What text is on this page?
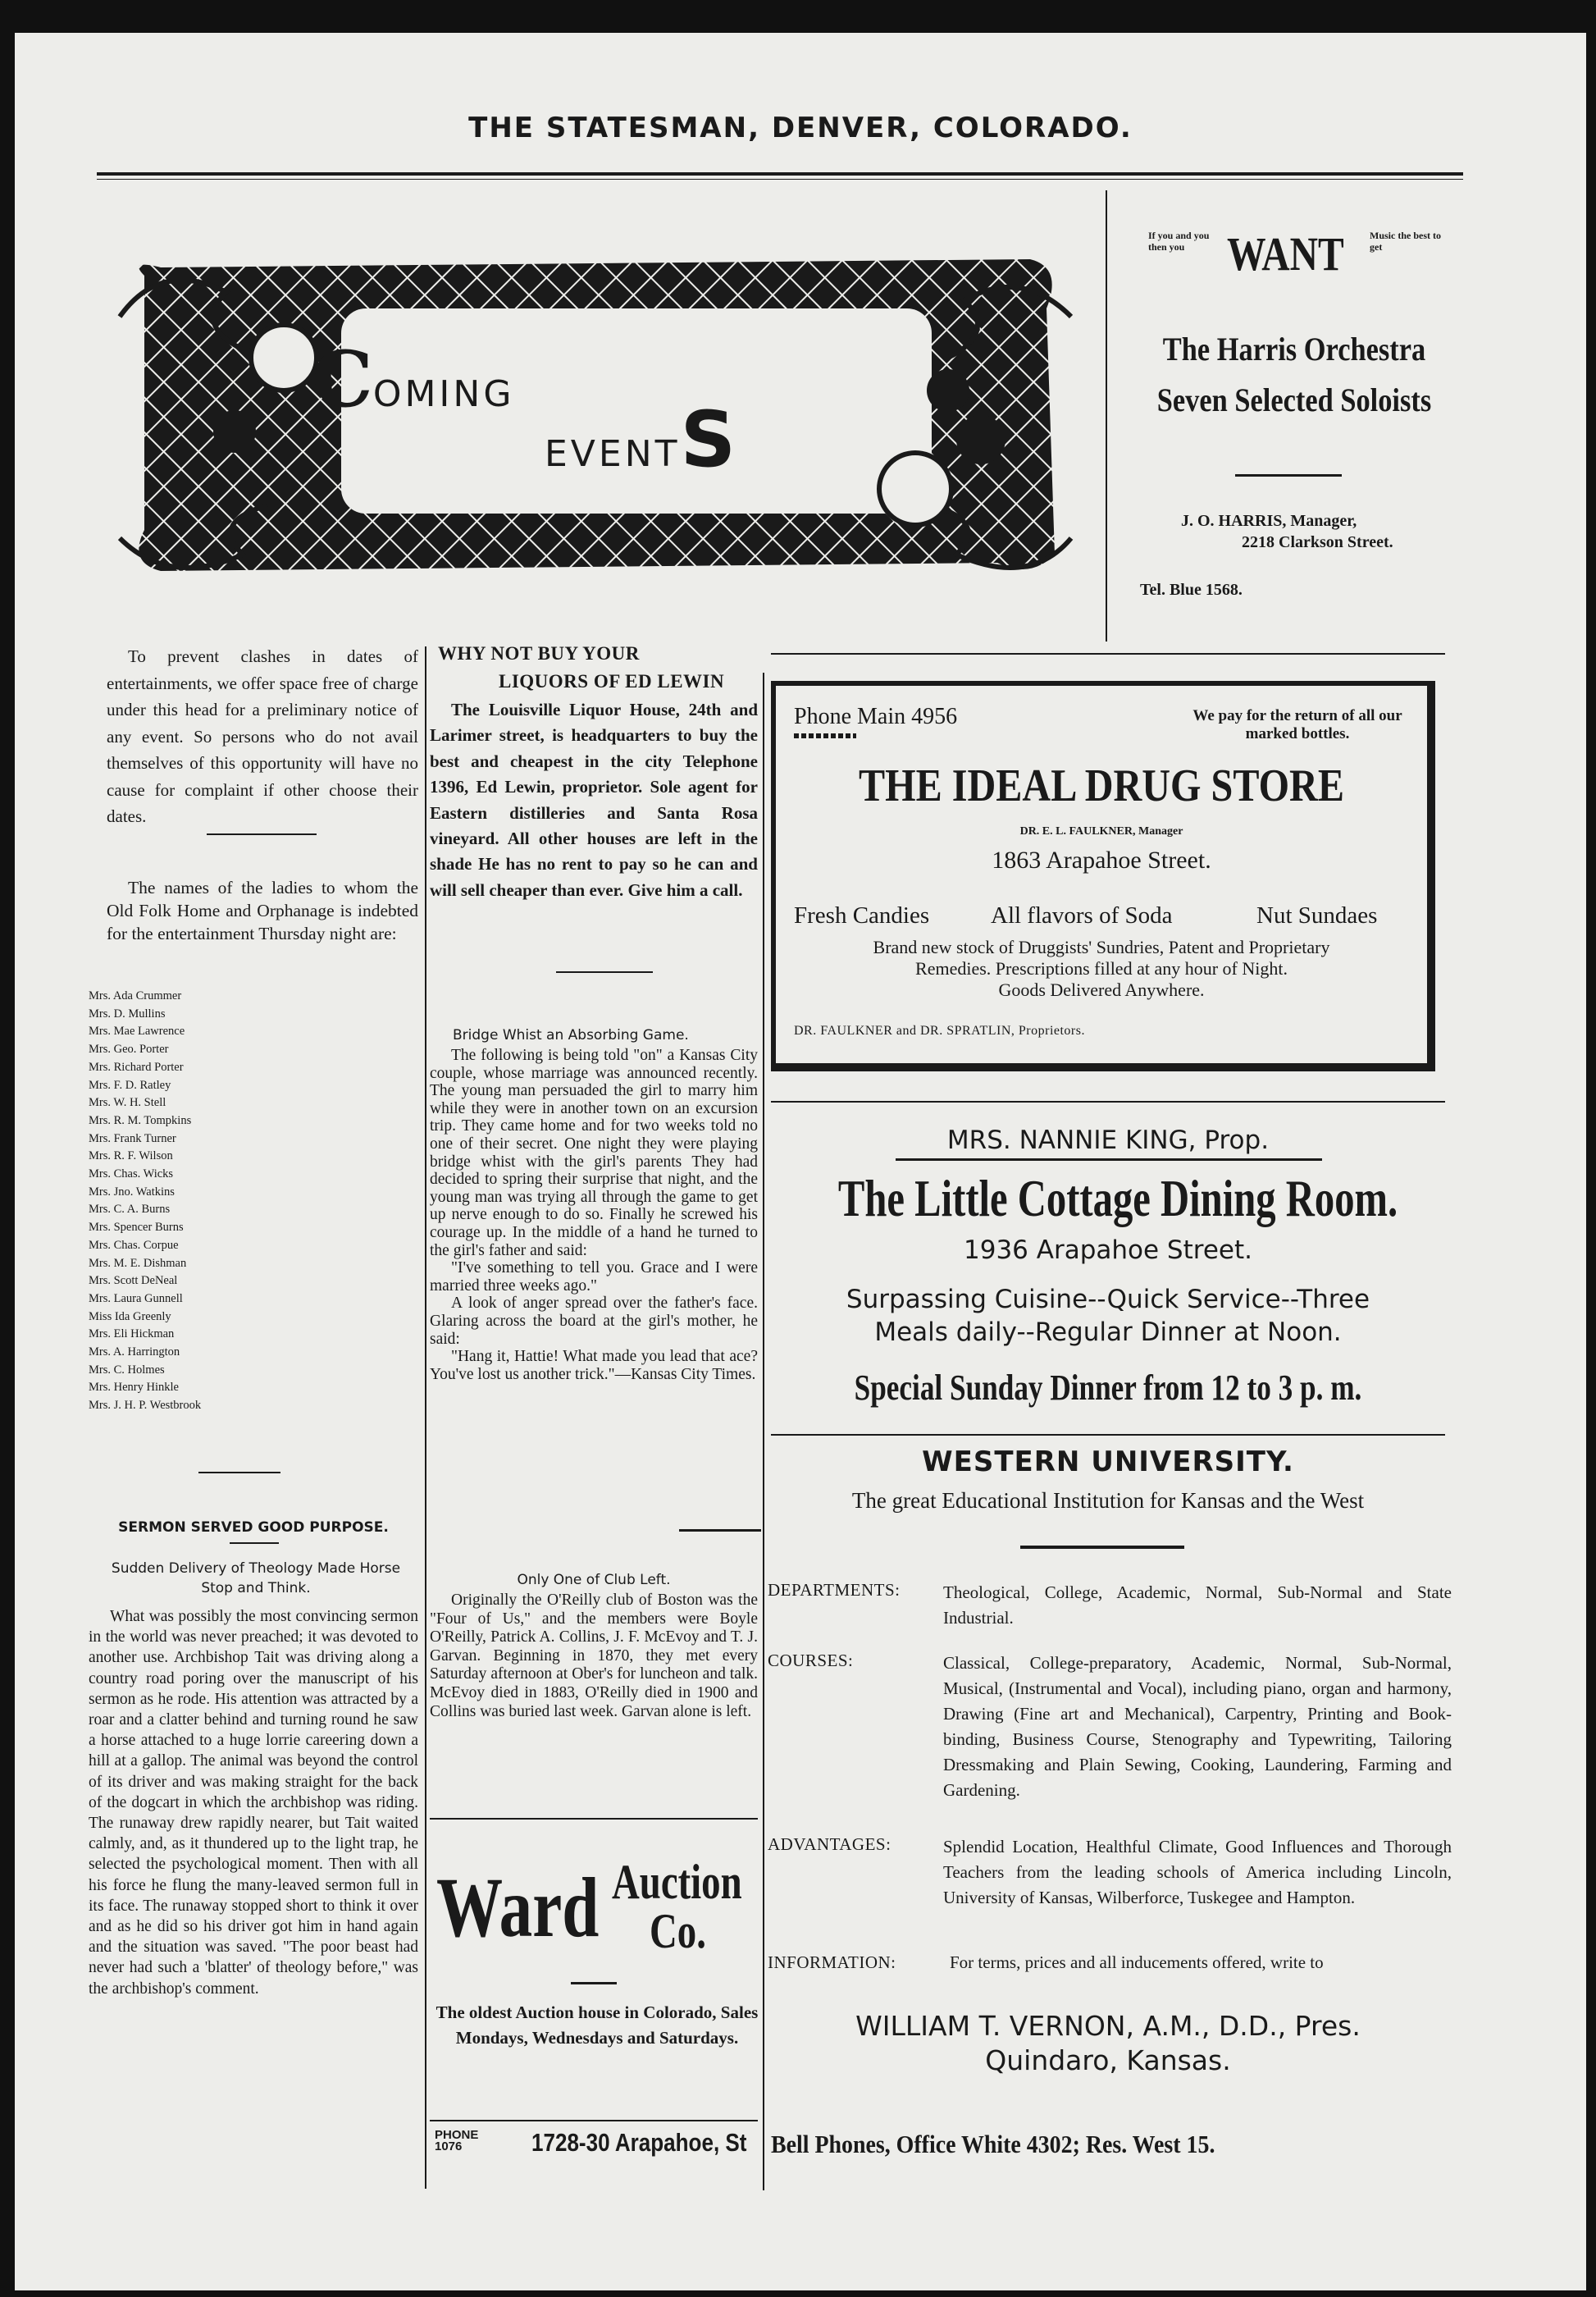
THE STATESMAN, DENVER, COLORADO.
COMING
EVENTS
If you and you then you WANT	Music the best to get
The Harris Orchestra
Seven Selected Soloists
J. O. HARRIS, Manager,
2218 Clarkson Street.
Tel. Blue 1568.

To prevent clashes in dates of entertainments, we offer space free of charge under this head for a preliminary notice of any event. So persons who do not avail themselves of this opportunity will have no cause for complaint if other choose their dates.

The names of the ladies to whom the Old Folk Home and Orphanage is indebted for the entertainment Thursday night are:

Mrs. Ada Crummer
Mrs. D. Mullins
Mrs. Mae Lawrence
Mrs. Geo. Porter
Mrs. Richard Porter
Mrs. F. D. Ratley
Mrs. W. H. Stell
Mrs. R. M. Tompkins
Mrs. Frank Turner
Mrs. R. F. Wilson
Mrs. Chas. Wicks
Mrs. Jno. Watkins
Mrs. C. A. Burns
Mrs. Spencer Burns
Mrs. Chas. Corpue
Mrs. M. E. Dishman
Mrs. Scott DeNeal
Mrs. Laura Gunnell
Miss Ida Greenly
Mrs. Eli Hickman
Mrs. A. Harrington
Mrs. C. Holmes
Mrs. Henry Hinkle
Mrs. J. H. P. Westbrook
SERMON SERVED GOOD PURPOSE.
Sudden Delivery of Theology Made Horse Stop and Think.

What was possibly the most convincing sermon in the world was never preached; it was devoted to another use. Archbishop Tait was driving along a country road poring over the manuscript of his sermon as he rode. His attention was attracted by a roar and a clatter behind and turning round he saw a horse attached to a huge lorrie careering down a hill at a gallop. The animal was beyond the control of its driver and was making straight for the back of the dogcart in which the archbishop was riding. The runaway drew rapidly nearer, but Tait waited calmly, and, as it thundered up to the light trap, he selected the psychological moment. Then with all his force he flung the many-leaved sermon full in its face. The runaway stopped short to think it over and as he did so his driver got him in hand again and the situation was saved. "The poor beast had never had such a 'blatter' of theology before," was the archbishop's comment.

WHY NOT BUY YOUR
LIQUORS OF ED LEWIN

The Louisville Liquor House, 24th and Larimer street, is headquarters to buy the best and cheapest in the city Telephone 1396, Ed Lewin, proprietor. Sole agent for Eastern distilleries and Santa Rosa vineyard. All other houses are left in the shade He has no rent to pay so he can and will sell cheaper than ever. Give him a call.

Bridge Whist an Absorbing Game.

The following is being told "on" a Kansas City couple, whose marriage was announced recently. The young man persuaded the girl to marry him while they were in another town on an excursion trip. They came home and for two weeks told no one of their secret. One night they were playing bridge whist with the girl's parents They had decided to spring their surprise that night, and the young man was trying all through the game to get up nerve enough to do so. Finally he screwed his courage up. In the middle of a hand he turned to the girl's father and said:

"I've something to tell you. Grace and I were married three weeks ago."

A look of anger spread over the father's face. Glaring across the board at the girl's mother, he said:

"Hang it, Hattie! What made you lead that ace? You've lost us another trick."—Kansas City Times.

Only One of Club Left.

Originally the O'Reilly club of Boston was the "Four of Us," and the members were Boyle O'Reilly, Patrick A. Collins, J. F. McEvoy and T. J. Garvan. Beginning in 1870, they met every Saturday afternoon at Ober's for luncheon and talk. McEvoy died in 1883, O'Reilly died in 1900 and Collins was buried last week. Garvan alone is left.

Ward Auction
Co.
The oldest Auction house in Colorado, Sales Mondays, Wednesdays and Saturdays.
PHONE
1076	1728-30 Arapahoe, St
Phone Main 4956	We pay for the return of all our marked bottles.
THE IDEAL DRUG STORE
DR. E. L. FAULKNER, Manager
1863 Arapahoe Street.
Fresh Candies	All flavors of Soda	Nut Sundaes
Brand new stock of Druggists' Sundries, Patent and Proprietary
Remedies. Prescriptions filled at any hour of Night.
Goods Delivered Anywhere.
DR. FAULKNER and DR. SPRATLIN, Proprietors.
MRS. NANNIE KING, Prop.
The Little Cottage Dining Room.
1936 Arapahoe Street.
Surpassing Cuisine--Quick Service--Three
Meals daily--Regular Dinner at Noon.
Special Sunday Dinner from 12 to 3 p. m.
WESTERN UNIVERSITY.
The great Educational Institution for Kansas and the West
DEPARTMENTS:	Theological, College, Academic, Normal, Sub-Normal and State Industrial.
COURSES:	Classical, College-preparatory, Academic, Normal, Sub-Normal, Musical, (Instrumental and Vocal), including piano, organ and harmony, Drawing (Fine art and Mechanical), Carpentry, Printing and Book-binding, Business Course, Stenography and Typewriting, Tailoring Dressmaking and Plain Sewing, Cooking, Laundering, Farming and Gardening.
ADVANTAGES:	Splendid Location, Healthful Climate, Good Influences and Thorough Teachers from the leading schools of America including Lincoln, University of Kansas, Wilberforce, Tuskegee and Hampton.
INFORMATION:	For terms, prices and all inducements offered, write to
WILLIAM T. VERNON, A.M., D.D., Pres.
Quindaro, Kansas.
Bell Phones, Office White 4302; Res. West 15.
